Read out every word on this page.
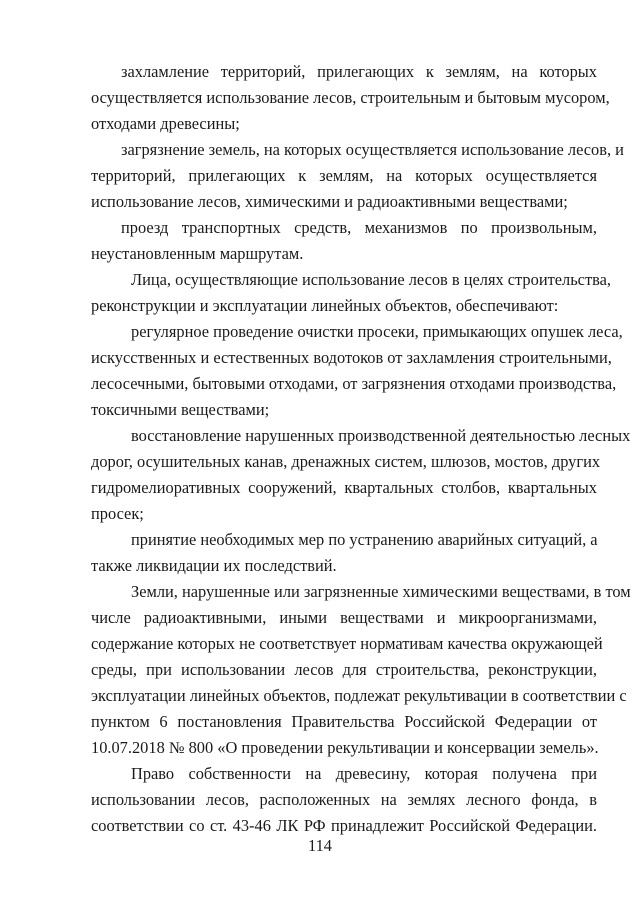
захламление территорий, прилегающих к землям, на которых
осуществляется использование лесов, строительным и бытовым мусором,
отходами древесины;
загрязнение земель, на которых осуществляется использование лесов, и
территорий, прилегающих к землям, на которых осуществляется
использование лесов, химическими и радиоактивными веществами;
проезд транспортных средств, механизмов по произвольным,
неустановленным маршрутам.
Лица, осуществляющие использование лесов в целях строительства,
реконструкции и эксплуатации линейных объектов, обеспечивают:
регулярное проведение очистки просеки, примыкающих опушек леса,
искусственных и естественных водотоков от захламления строительными,
лесосечными, бытовыми отходами, от загрязнения отходами производства,
токсичными веществами;
восстановление нарушенных производственной деятельностью лесных
дорог, осушительных канав, дренажных систем, шлюзов, мостов, других
гидромелиоративных сооружений, квартальных столбов, квартальных
просек;
принятие необходимых мер по устранению аварийных ситуаций, а
также ликвидации их последствий.
Земли, нарушенные или загрязненные химическими веществами, в том
числе радиоактивными, иными веществами и микроорганизмами,
содержание которых не соответствует нормативам качества окружающей
среды, при использовании лесов для строительства, реконструкции,
эксплуатации линейных объектов, подлежат рекультивации в соответствии с
пунктом 6 постановления Правительства Российской Федерации от
10.07.2018 № 800 «О проведении рекультивации и консервации земель».
Право собственности на древесину, которая получена при
использовании лесов, расположенных на землях лесного фонда, в
соответствии со ст. 43-46 ЛК РФ принадлежит Российской Федерации.
114
